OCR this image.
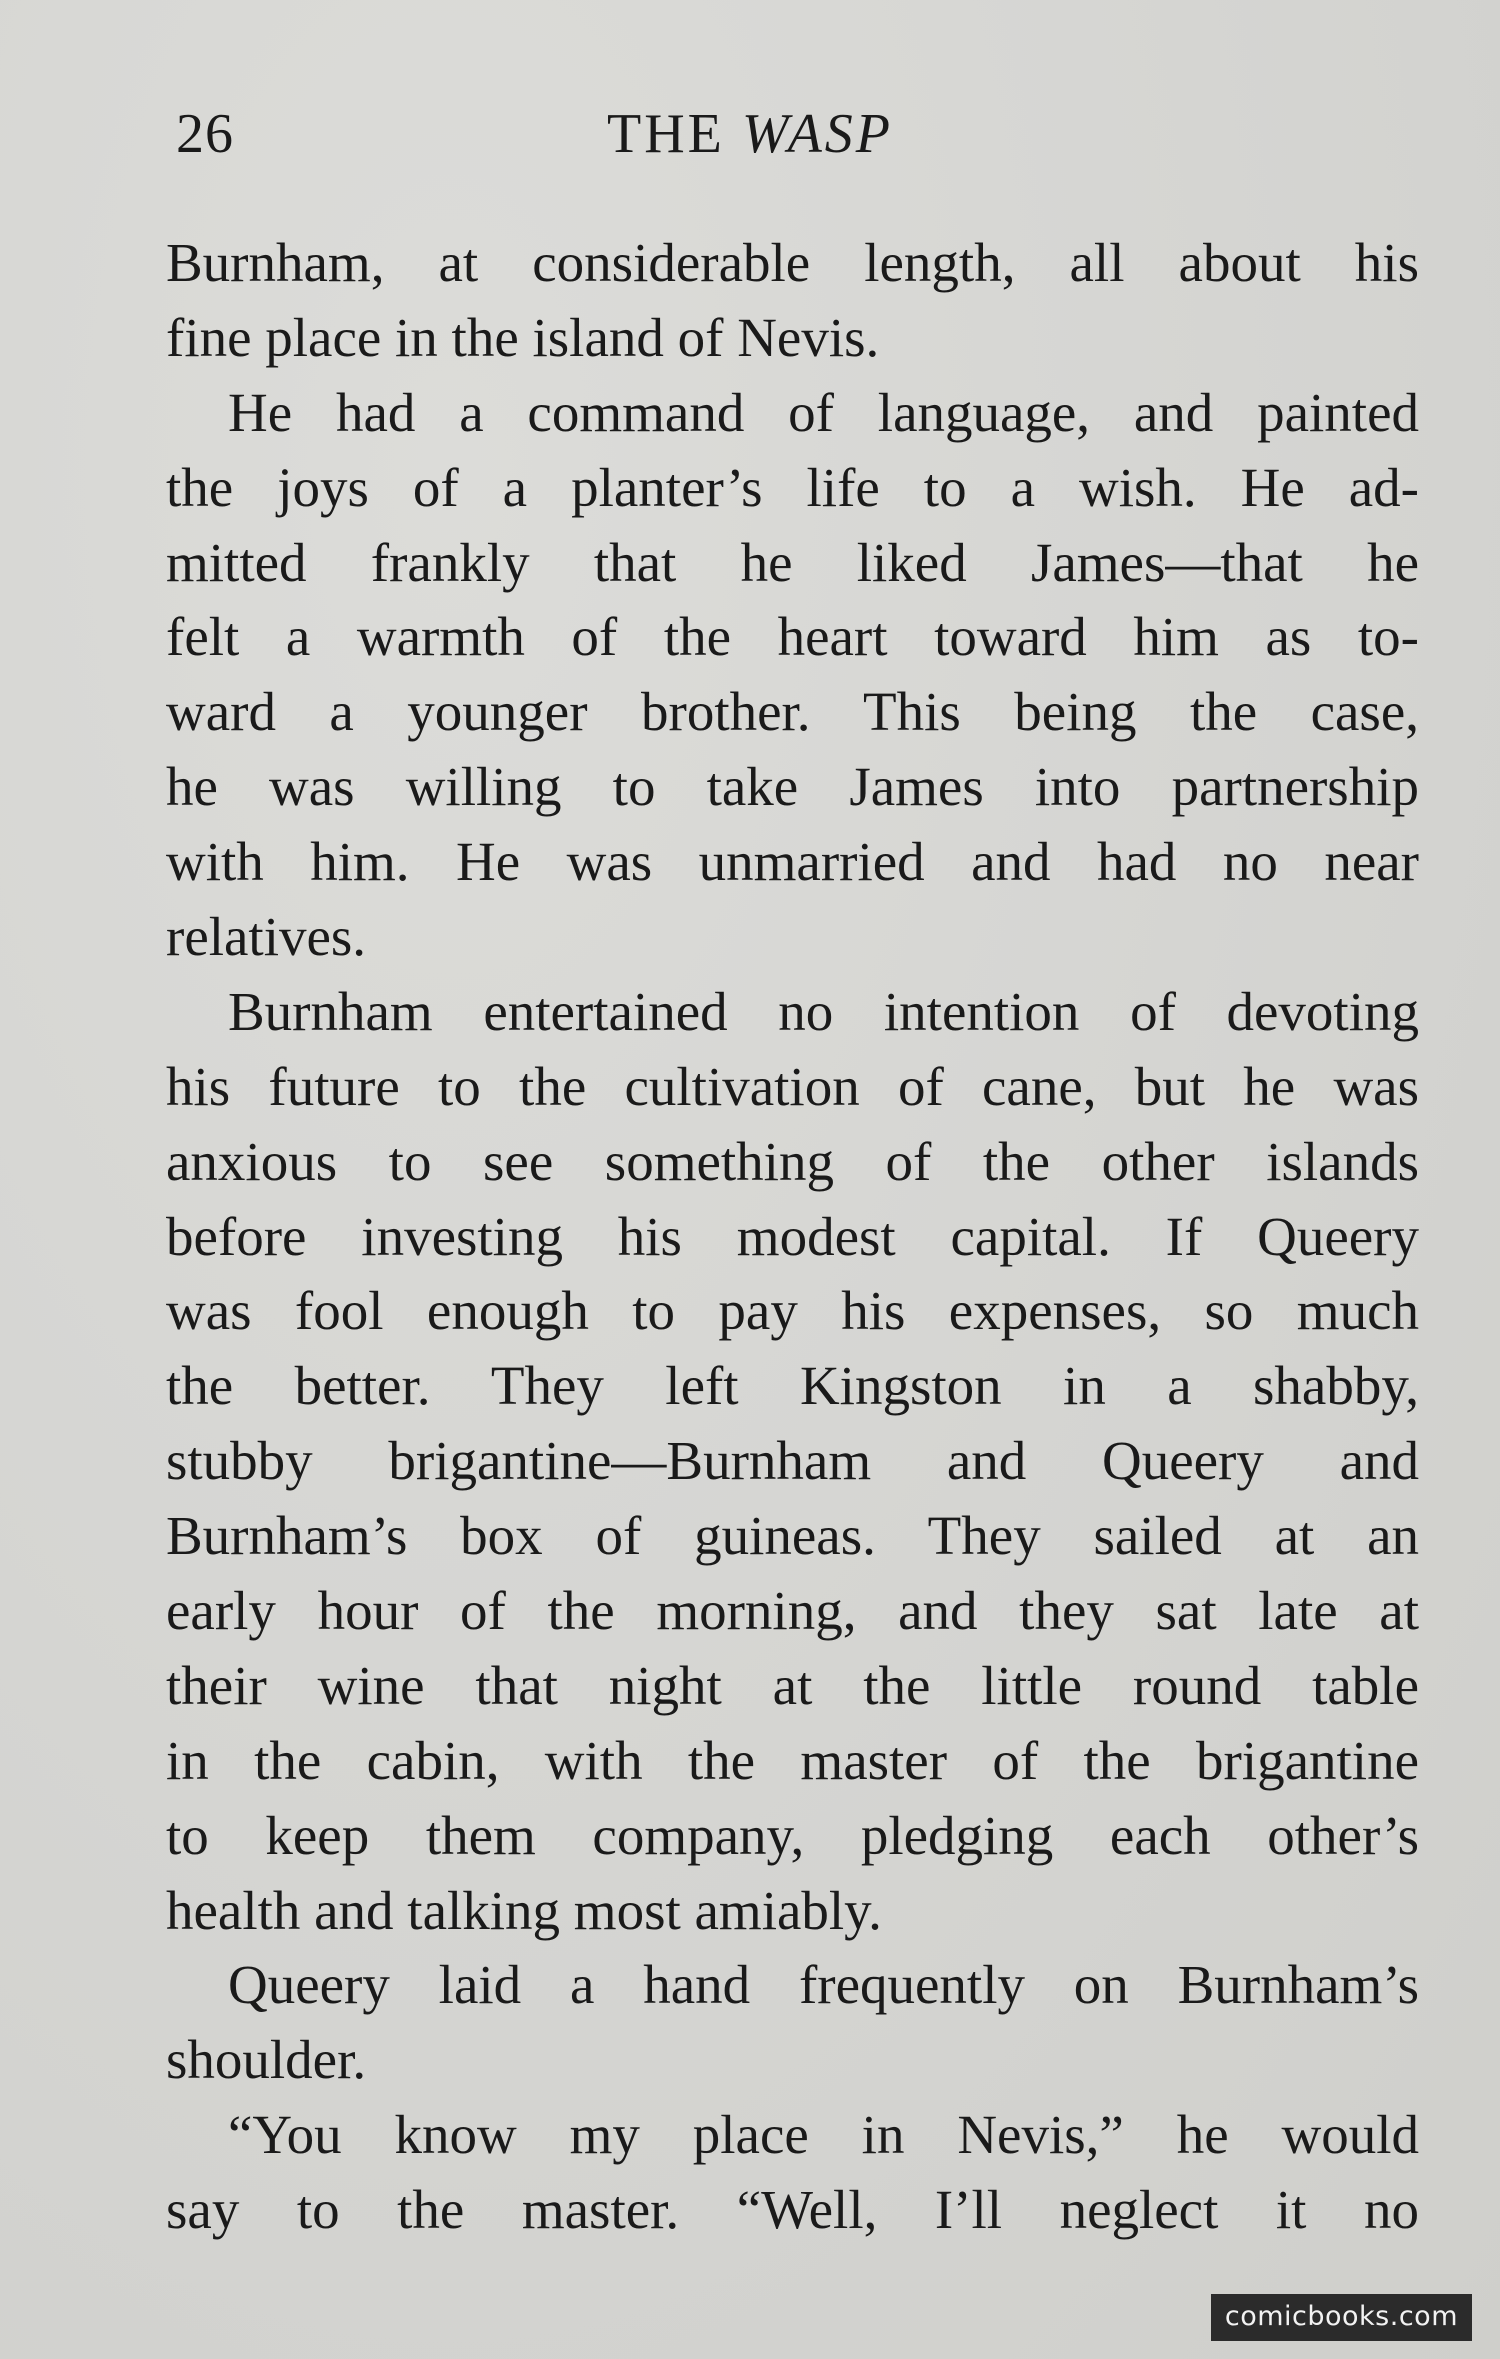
26	THE WASP
Burnham, at considerable length, all about his
fine place in the island of Nevis.
He had a command of language, and painted
the joys of a planter’s life to a wish. He ad-
mitted frankly that he liked James—that he
felt a warmth of the heart toward him as to-
ward a younger brother. This being the case,
he was willing to take James into partnership
with him. He was unmarried and had no near
relatives.
Burnham entertained no intention of devoting
his future to the cultivation of cane, but he was
anxious to see something of the other islands
before investing his modest capital. If Queery
was fool enough to pay his expenses, so much
the better. They left Kingston in a shabby,
stubby brigantine—Burnham and Queery and
Burnham’s box of guineas. They sailed at an
early hour of the morning, and they sat late at
their wine that night at the little round table
in the cabin, with the master of the brigantine
to keep them company, pledging each other’s
health and talking most amiably.
Queery laid a hand frequently on Burnham’s
shoulder.
“You know my place in Nevis,” he would
say to the master. “Well, I’ll neglect it no
comicbooks.com
